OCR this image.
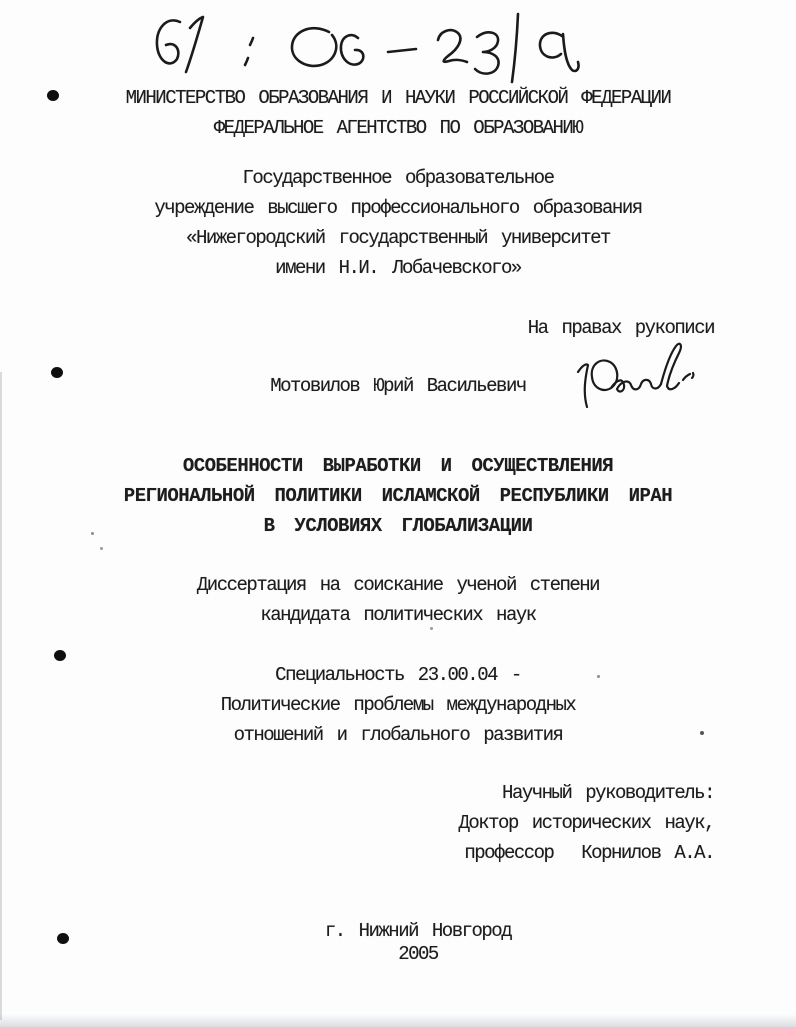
МИНИСТЕРСТВО ОБРАЗОВАНИЯ И НАУКИ РОССИЙСКОЙ ФЕДЕРАЦИИ
ФЕДЕРАЛЬНОЕ АГЕНТСТВО ПО ОБРАЗОВАНИЮ
Государственное образовательное
учреждение высшего профессионального образования
«Нижегородский государственный университет
имени Н.И. Лобачевского»
На правах рукописи
Мотовилов Юрий Васильевич
ОСОБЕННОСТИ ВЫРАБОТКИ И ОСУЩЕСТВЛЕНИЯ
РЕГИОНАЛЬНОЙ ПОЛИТИКИ ИСЛАМСКОЙ РЕСПУБЛИКИ ИРАН
В УСЛОВИЯХ ГЛОБАЛИЗАЦИИ
Диссертация на соискание ученой степени
кандидата политических наук
Специальность 23.00.04 -
Политические проблемы международных
отношений и глобального развития
Научный руководитель:
Доктор исторических наук,
профессор  Корнилов А.А.
г. Нижний Новгород
2005
